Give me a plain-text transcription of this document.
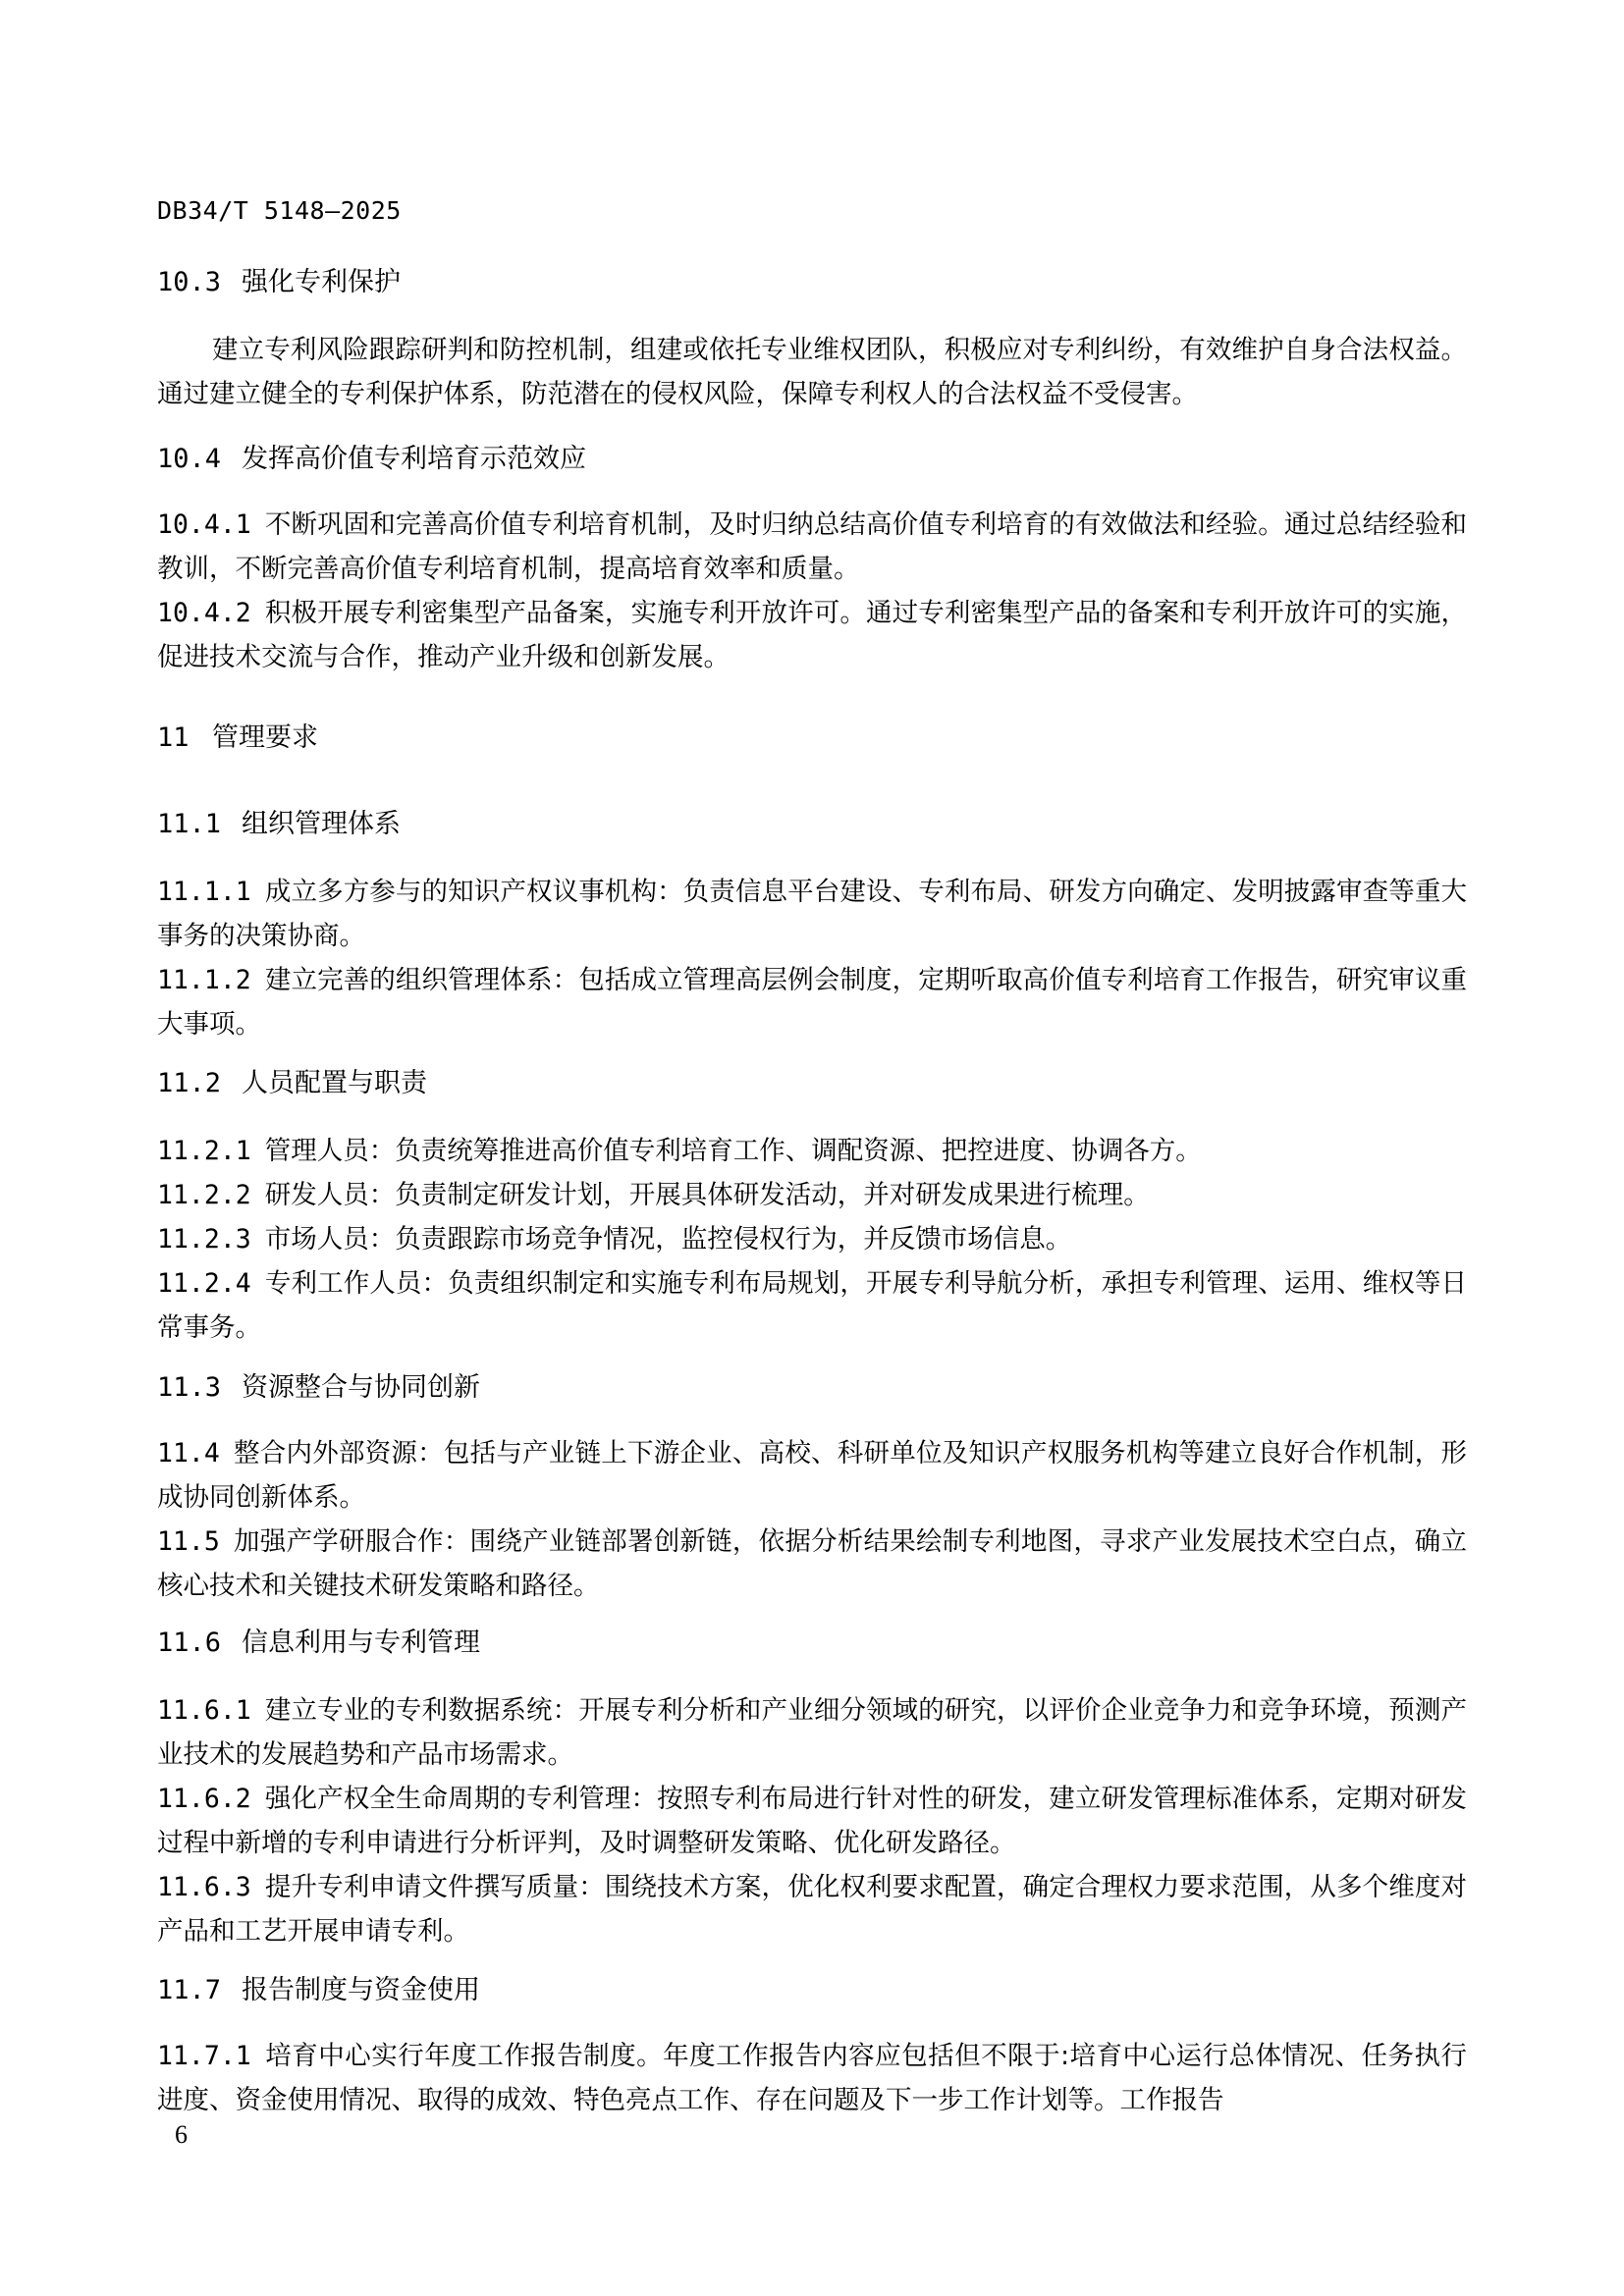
DB34/T 5148—2025
10.3 强化专利保护
建立专利风险跟踪研判和防控机制，组建或依托专业维权团队，积极应对专利纠纷，有效维护自身合法权益。通过建立健全的专利保护体系，防范潜在的侵权风险，保障专利权人的合法权益不受侵害。
10.4 发挥高价值专利培育示范效应
10.4.1 不断巩固和完善高价值专利培育机制，及时归纳总结高价值专利培育的有效做法和经验。通过总结经验和教训，不断完善高价值专利培育机制，提高培育效率和质量。
10.4.2 积极开展专利密集型产品备案，实施专利开放许可。通过专利密集型产品的备案和专利开放许可的实施，促进技术交流与合作，推动产业升级和创新发展。
11 管理要求
11.1 组织管理体系
11.1.1 成立多方参与的知识产权议事机构：负责信息平台建设、专利布局、研发方向确定、发明披露审查等重大事务的决策协商。
11.1.2 建立完善的组织管理体系：包括成立管理高层例会制度，定期听取高价值专利培育工作报告，研究审议重大事项。
11.2 人员配置与职责
11.2.1 管理人员：负责统筹推进高价值专利培育工作、调配资源、把控进度、协调各方。
11.2.2 研发人员：负责制定研发计划，开展具体研发活动，并对研发成果进行梳理。
11.2.3 市场人员：负责跟踪市场竞争情况，监控侵权行为，并反馈市场信息。
11.2.4 专利工作人员：负责组织制定和实施专利布局规划，开展专利导航分析，承担专利管理、运用、维权等日常事务。
11.3 资源整合与协同创新
11.4 整合内外部资源：包括与产业链上下游企业、高校、科研单位及知识产权服务机构等建立良好合作机制，形成协同创新体系。
11.5 加强产学研服合作：围绕产业链部署创新链，依据分析结果绘制专利地图，寻求产业发展技术空白点，确立核心技术和关键技术研发策略和路径。
11.6 信息利用与专利管理
11.6.1 建立专业的专利数据系统：开展专利分析和产业细分领域的研究，以评价企业竞争力和竞争环境，预测产业技术的发展趋势和产品市场需求。
11.6.2 强化产权全生命周期的专利管理：按照专利布局进行针对性的研发，建立研发管理标准体系，定期对研发过程中新增的专利申请进行分析评判，及时调整研发策略、优化研发路径。
11.6.3 提升专利申请文件撰写质量：围绕技术方案，优化权利要求配置，确定合理权力要求范围，从多个维度对产品和工艺开展申请专利。
11.7 报告制度与资金使用
11.7.1 培育中心实行年度工作报告制度。年度工作报告内容应包括但不限于:培育中心运行总体情况、任务执行进度、资金使用情况、取得的成效、特色亮点工作、存在问题及下一步工作计划等。工作报告
6
